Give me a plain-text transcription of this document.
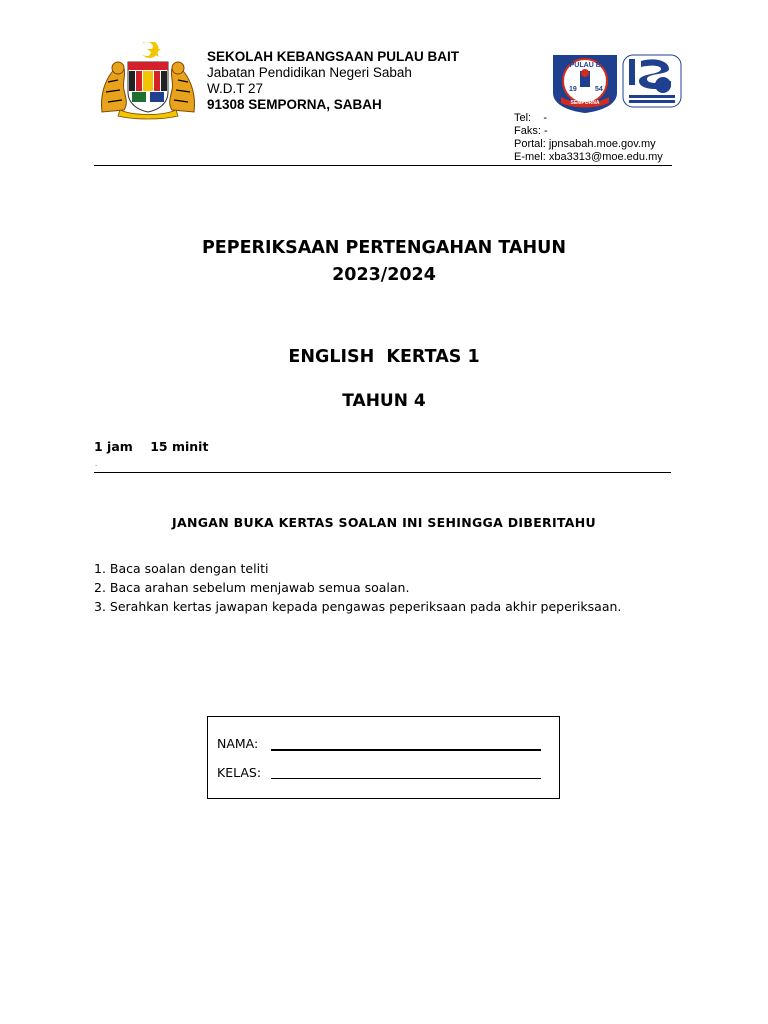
SEKOLAH KEBANGSAAN PULAU BAIT
Jabatan Pendidikan Negeri Sabah
W.D.T 27
91308 SEMPORNA, SABAH
SK PULAU BAIT
19	54
SEMPORNA
Tel:    -
Faks: -
Portal: jpnsabah.moe.gov.my
E-mel: xba3313@moe.edu.my
PEPERIKSAAN PERTENGAHAN TAHUN
2023/2024
ENGLISH  KERTAS 1
TAHUN 4
1 jam    15 minit
.
JANGAN BUKA KERTAS SOALAN INI SEHINGGA DIBERITAHU
1. Baca soalan dengan teliti
2. Baca arahan sebelum menjawab semua soalan.
3. Serahkan kertas jawapan kepada pengawas peperiksaan pada akhir peperiksaan.
NAMA:
KELAS:
